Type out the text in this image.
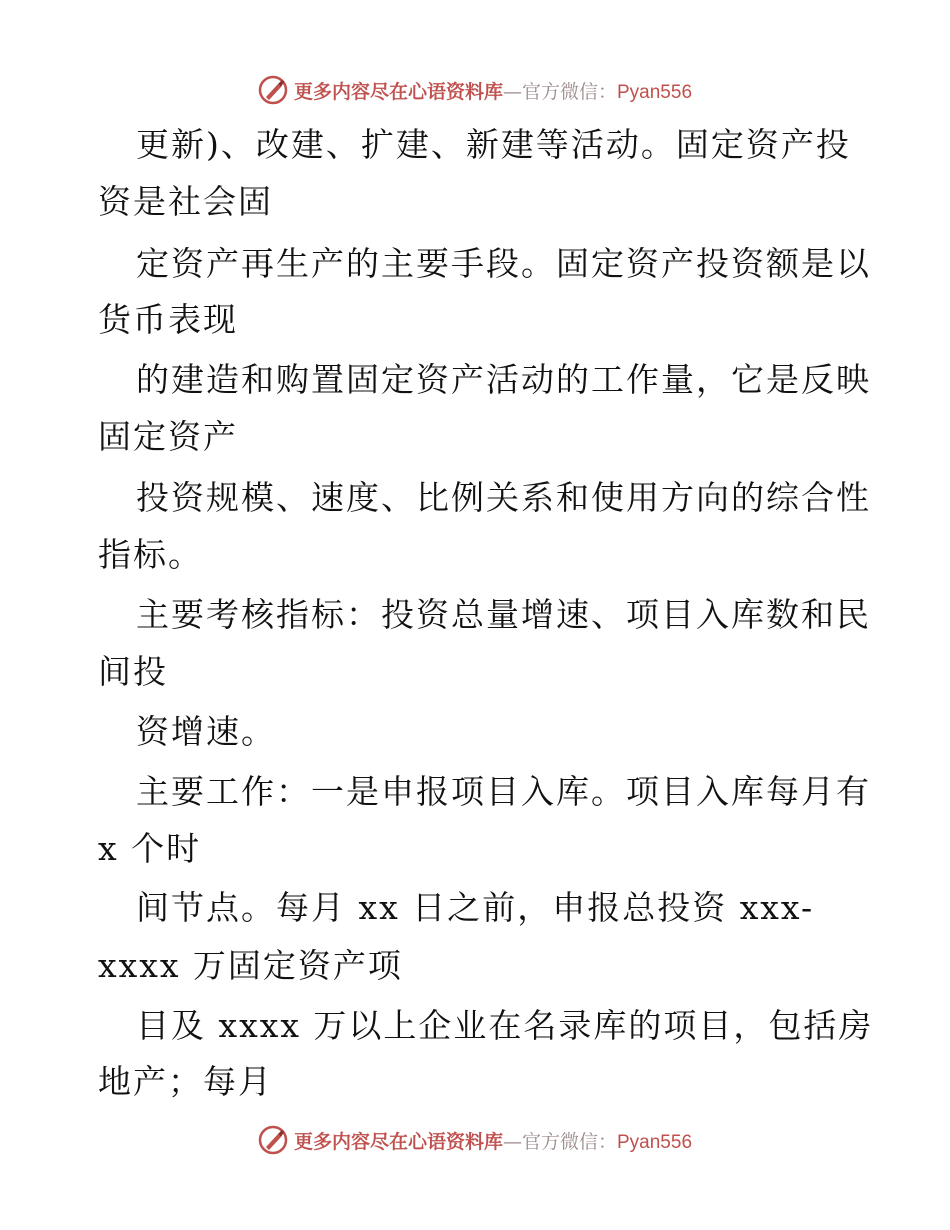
更多内容尽在心语资料库—官方微信：Pyan556
更新)、改建、扩建、新建等活动。固定资产投
资是社会固
定资产再生产的主要手段。固定资产投资额是以
货币表现
的建造和购置固定资产活动的工作量，它是反映
固定资产
投资规模、速度、比例关系和使用方向的综合性
指标。
主要考核指标：投资总量增速、项目入库数和民
间投
资增速。
主要工作：一是申报项目入库。项目入库每月有
x 个时
间节点。每月 xx 日之前，申报总投资 xxx-
xxxx 万固定资产项
目及 xxxx 万以上企业在名录库的项目，包括房
地产；每月
更多内容尽在心语资料库—官方微信：Pyan556
